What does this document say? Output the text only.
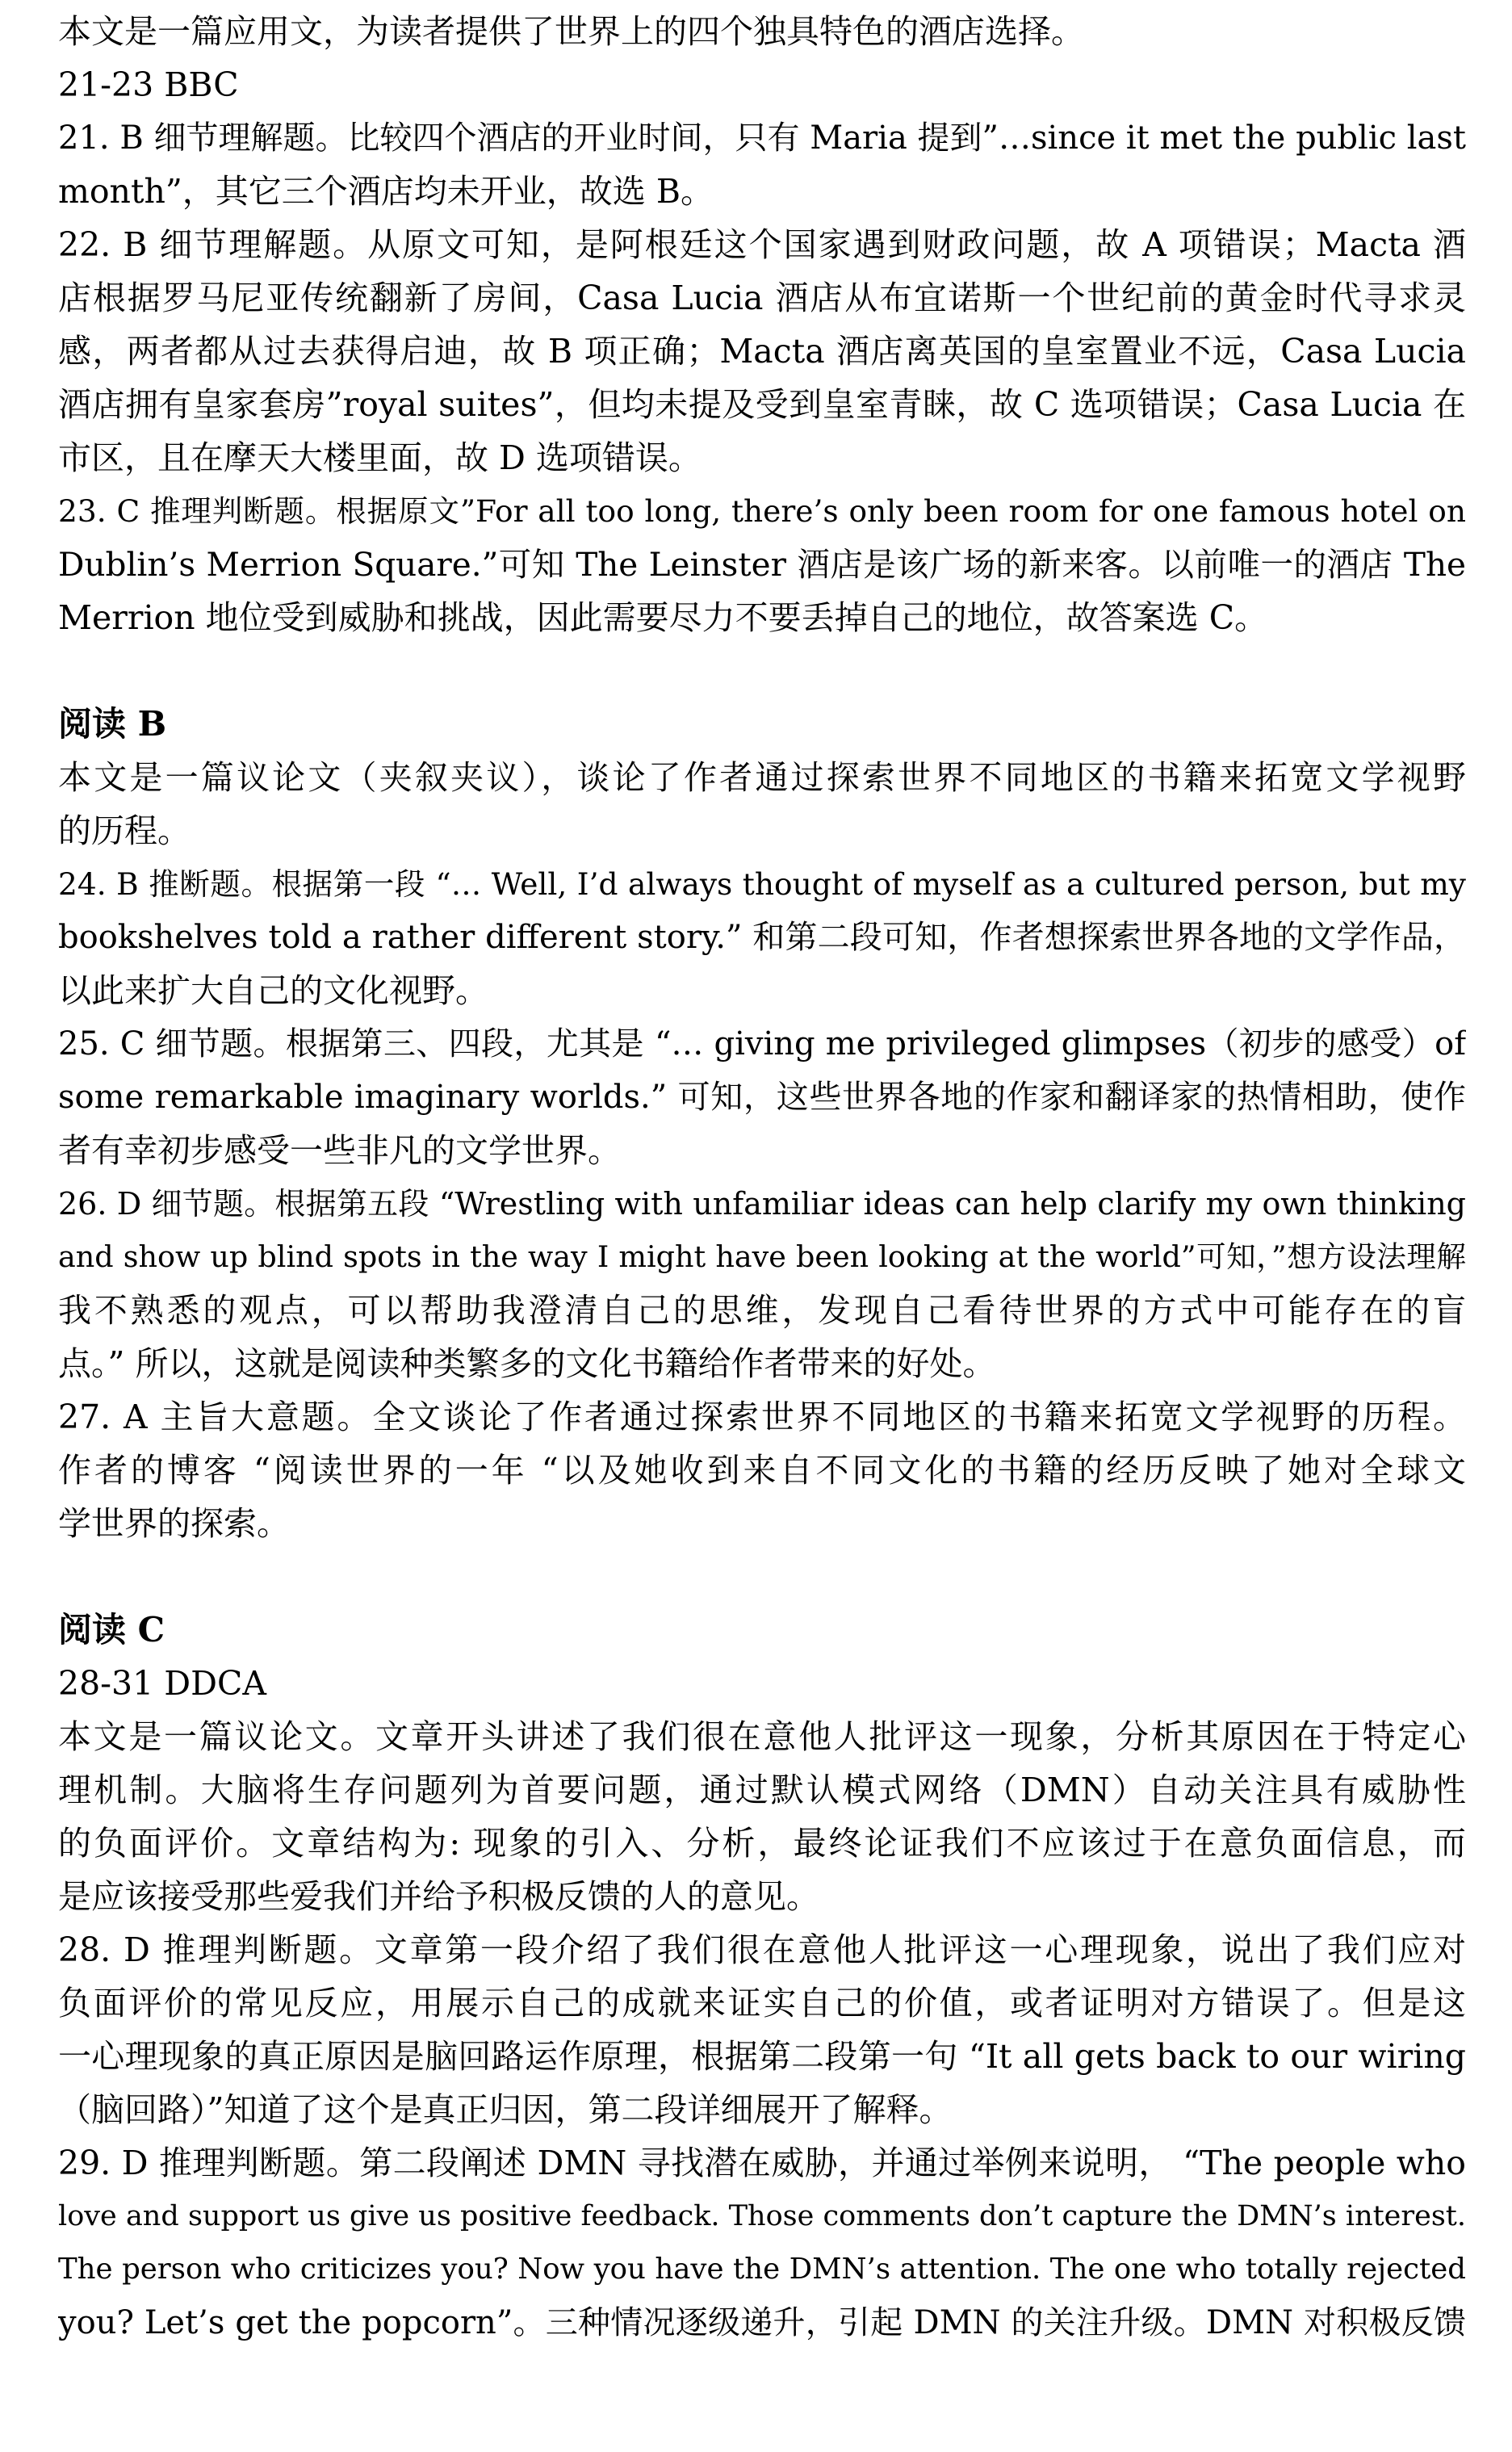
本文是一篇应用文，为读者提供了世界上的四个独具特色的酒店选择。
21-23 BBC
21. B 细节理解题。比较四个酒店的开业时间，只有 Maria 提到”…since it met the public last
month”，其它三个酒店均未开业，故选 B。
22. B 细节理解题。从原文可知，是阿根廷这个国家遇到财政问题，故 A 项错误；Macta 酒
店根据罗马尼亚传统翻新了房间，Casa Lucia 酒店从布宜诺斯一个世纪前的黄金时代寻求灵
感，两者都从过去获得启迪，故 B 项正确；Macta 酒店离英国的皇室置业不远，Casa Lucia
酒店拥有皇家套房”royal suites”，但均未提及受到皇室青睐，故 C 选项错误；Casa Lucia 在
市区，且在摩天大楼里面，故 D 选项错误。
23. C 推理判断题。根据原文”For all too long, there’s only been room for one famous hotel on
Dublin’s Merrion Square.”可知 The Leinster 酒店是该广场的新来客。以前唯一的酒店 The
Merrion 地位受到威胁和挑战，因此需要尽力不要丢掉自己的地位，故答案选 C。
阅读 B
本文是一篇议论文（夹叙夹议），谈论了作者通过探索世界不同地区的书籍来拓宽文学视野
的历程。
24. B 推断题。根据第一段 “… Well, I’d always thought of myself as a cultured person, but my
bookshelves told a rather different story.” 和第二段可知，作者想探索世界各地的文学作品，
以此来扩大自己的文化视野。
25. C 细节题。根据第三、四段，尤其是 “… giving me privileged glimpses（初步的感受）of
some remarkable imaginary worlds.” 可知，这些世界各地的作家和翻译家的热情相助，使作
者有幸初步感受一些非凡的文学世界。
26. D 细节题。根据第五段 “Wrestling with unfamiliar ideas can help clarify my own thinking
and show up blind spots in the way I might have been looking at the world”可知，”想方设法理解
我不熟悉的观点，可以帮助我澄清自己的思维，发现自己看待世界的方式中可能存在的盲
点。” 所以，这就是阅读种类繁多的文化书籍给作者带来的好处。
27. A 主旨大意题。全文谈论了作者通过探索世界不同地区的书籍来拓宽文学视野的历程。
作者的博客 “阅读世界的一年 “以及她收到来自不同文化的书籍的经历反映了她对全球文
学世界的探索。
阅读 C
28-31 DDCA
本文是一篇议论文。文章开头讲述了我们很在意他人批评这一现象，分析其原因在于特定心
理机制。大脑将生存问题列为首要问题，通过默认模式网络（DMN）自动关注具有威胁性
的负面评价。文章结构为: 现象的引入、分析，最终论证我们不应该过于在意负面信息，而
是应该接受那些爱我们并给予积极反馈的人的意见。
28. D 推理判断题。文章第一段介绍了我们很在意他人批评这一心理现象，说出了我们应对
负面评价的常见反应，用展示自己的成就来证实自己的价值，或者证明对方错误了。但是这
一心理现象的真正原因是脑回路运作原理，根据第二段第一句 “It all gets back to our wiring
（脑回路）”知道了这个是真正归因，第二段详细展开了解释。
29. D 推理判断题。第二段阐述 DMN 寻找潜在威胁，并通过举例来说明， “The people who
love and support us give us positive feedback. Those comments don’t capture the DMN’s interest.
The person who criticizes you? Now you have the DMN’s attention. The one who totally rejected
you? Let’s get the popcorn”。三种情况逐级递升，引起 DMN 的关注升级。DMN 对积极反馈
